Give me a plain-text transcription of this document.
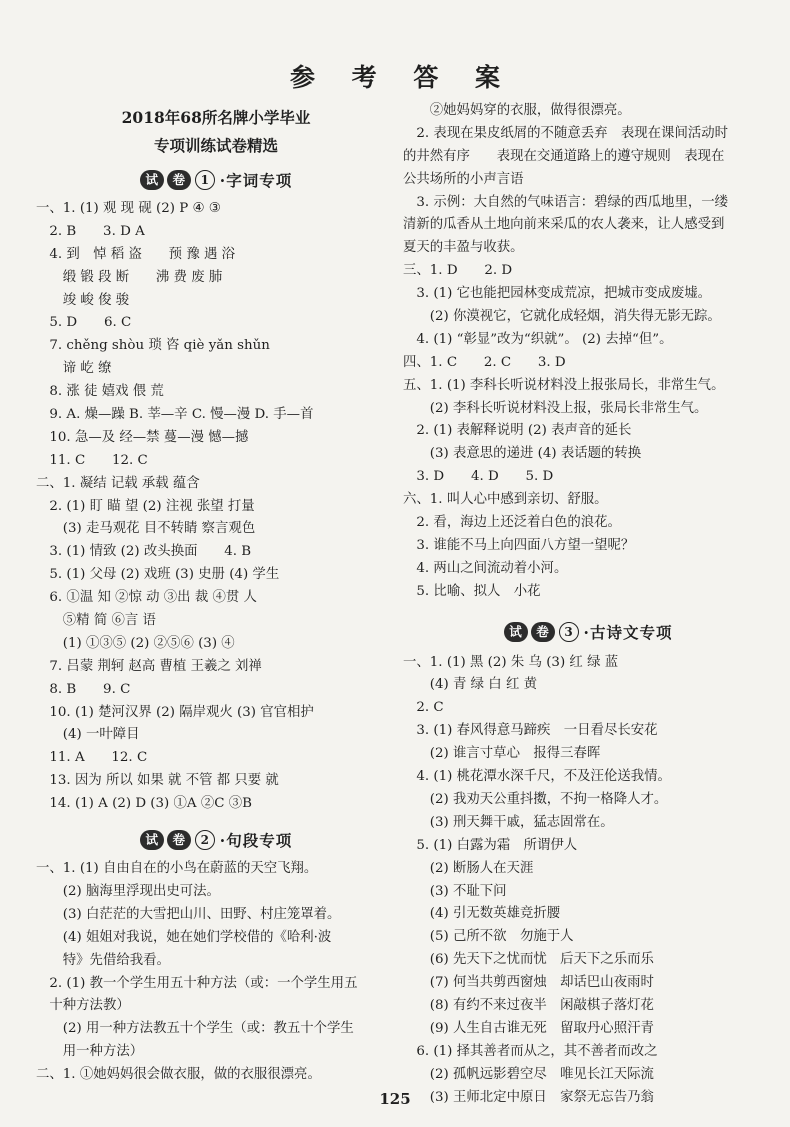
参 考 答 案
2018年68所名牌小学毕业
专项训练试卷精选
试	卷	1 ·字词专项
一、1. (1) 观 现 砚 (2) P ④ ③
　2. B　　3. D A
　4. 到　悼 稻 盗　　预 豫 遇 浴
　　缎 锻 段 断　　沸 费 废 肺
　　竣 峻 俊 骏
　5. D　　6. C
　7. chěng shòu 琐 咨 qiè yǎn shǔn
　　谛 屹 缭
　8. 涨 徒 嬉戏 偎 荒
　9. A. 燥—躁 B. 莘—辛 C. 慢—漫 D. 手—首
　10. 急—及 经—禁 蔓—漫 憾—撼
　11. C　　12. C
二、1. 凝结 记载 承载 蕴含
　2. (1) 盯 瞄 望 (2) 注视 张望 打量
　　(3) 走马观花 目不转睛 察言观色
　3. (1) 情致 (2) 改头换面　　4. B
　5. (1) 父母 (2) 戏班 (3) 史册 (4) 学生
　6. ①温 知 ②惊 动 ③出 裁 ④贯 人
　　⑤精 简 ⑥言 语
　　(1) ①③⑤ (2) ②⑤⑥ (3) ④
　7. 吕蒙 荆轲 赵高 曹植 王羲之 刘禅
　8. B　　9. C
　10. (1) 楚河汉界 (2) 隔岸观火 (3) 官官相护
　　(4) 一叶障目
　11. A　　12. C
　13. 因为 所以 如果 就 不管 都 只要 就
　14. (1) A (2) D (3) ①A ②C ③B
试	卷	2 ·句段专项
一、1. (1) 自由自在的小鸟在蔚蓝的天空飞翔。
　　(2) 脑海里浮现出史可法。
　　(3) 白茫茫的大雪把山川、田野、村庄笼罩着。
　　(4) 姐姐对我说，她在她们学校借的《哈利·波
　　特》先借给我看。
　2. (1) 教一个学生用五十种方法（或：一个学生用五
　十种方法教）
　　(2) 用一种方法教五十个学生（或：教五十个学生
　　用一种方法）
二、1. ①她妈妈很会做衣服，做的衣服很漂亮。
　　②她妈妈穿的衣服，做得很漂亮。
　2. 表现在果皮纸屑的不随意丢弃　表现在课间活动时
的井然有序　　表现在交通道路上的遵守规则　表现在
公共场所的小声言语
　3. 示例：大自然的气味语言：碧绿的西瓜地里，一缕
清新的瓜香从土地向前来采瓜的农人袭来，让人感受到
夏天的丰盈与收获。
三、1. D　　2. D
　3. (1) 它也能把园林变成荒凉，把城市变成废墟。
　　(2) 你漠视它，它就化成轻烟，消失得无影无踪。
　4. (1) “彰显”改为“织就”。 (2) 去掉“但”。
四、1. C　　2. C　　3. D
五、1. (1) 李科长听说材料没上报张局长，非常生气。
　　(2) 李科长听说材料没上报，张局长非常生气。
　2. (1) 表解释说明 (2) 表声音的延长
　　(3) 表意思的递进 (4) 表话题的转换
　3. D　　4. D　　5. D
六、1. 叫人心中感到亲切、舒服。
　2. 看，海边上还泛着白色的浪花。
　3. 谁能不马上向四面八方望一望呢？
　4. 两山之间流动着小河。
　5. 比喻、拟人　小花
试	卷	3 ·古诗文专项
一、1. (1) 黑 (2) 朱 乌 (3) 红 绿 蓝
　　(4) 青 绿 白 红 黄
　2. C
　3. (1) 春风得意马蹄疾　一日看尽长安花
　　(2) 谁言寸草心　报得三春晖
　4. (1) 桃花潭水深千尺，不及汪伦送我情。
　　(2) 我劝天公重抖擞，不拘一格降人才。
　　(3) 刑天舞干戚，猛志固常在。
　5. (1) 白露为霜　所谓伊人
　　(2) 断肠人在天涯
　　(3) 不耻下问
　　(4) 引无数英雄竞折腰
　　(5) 己所不欲　勿施于人
　　(6) 先天下之忧而忧　后天下之乐而乐
　　(7) 何当共剪西窗烛　却话巴山夜雨时
　　(8) 有约不来过夜半　闲敲棋子落灯花
　　(9) 人生自古谁无死　留取丹心照汗青
　6. (1) 择其善者而从之，其不善者而改之
　　(2) 孤帆远影碧空尽　唯见长江天际流
　　(3) 王师北定中原日　家祭无忘告乃翁
125
